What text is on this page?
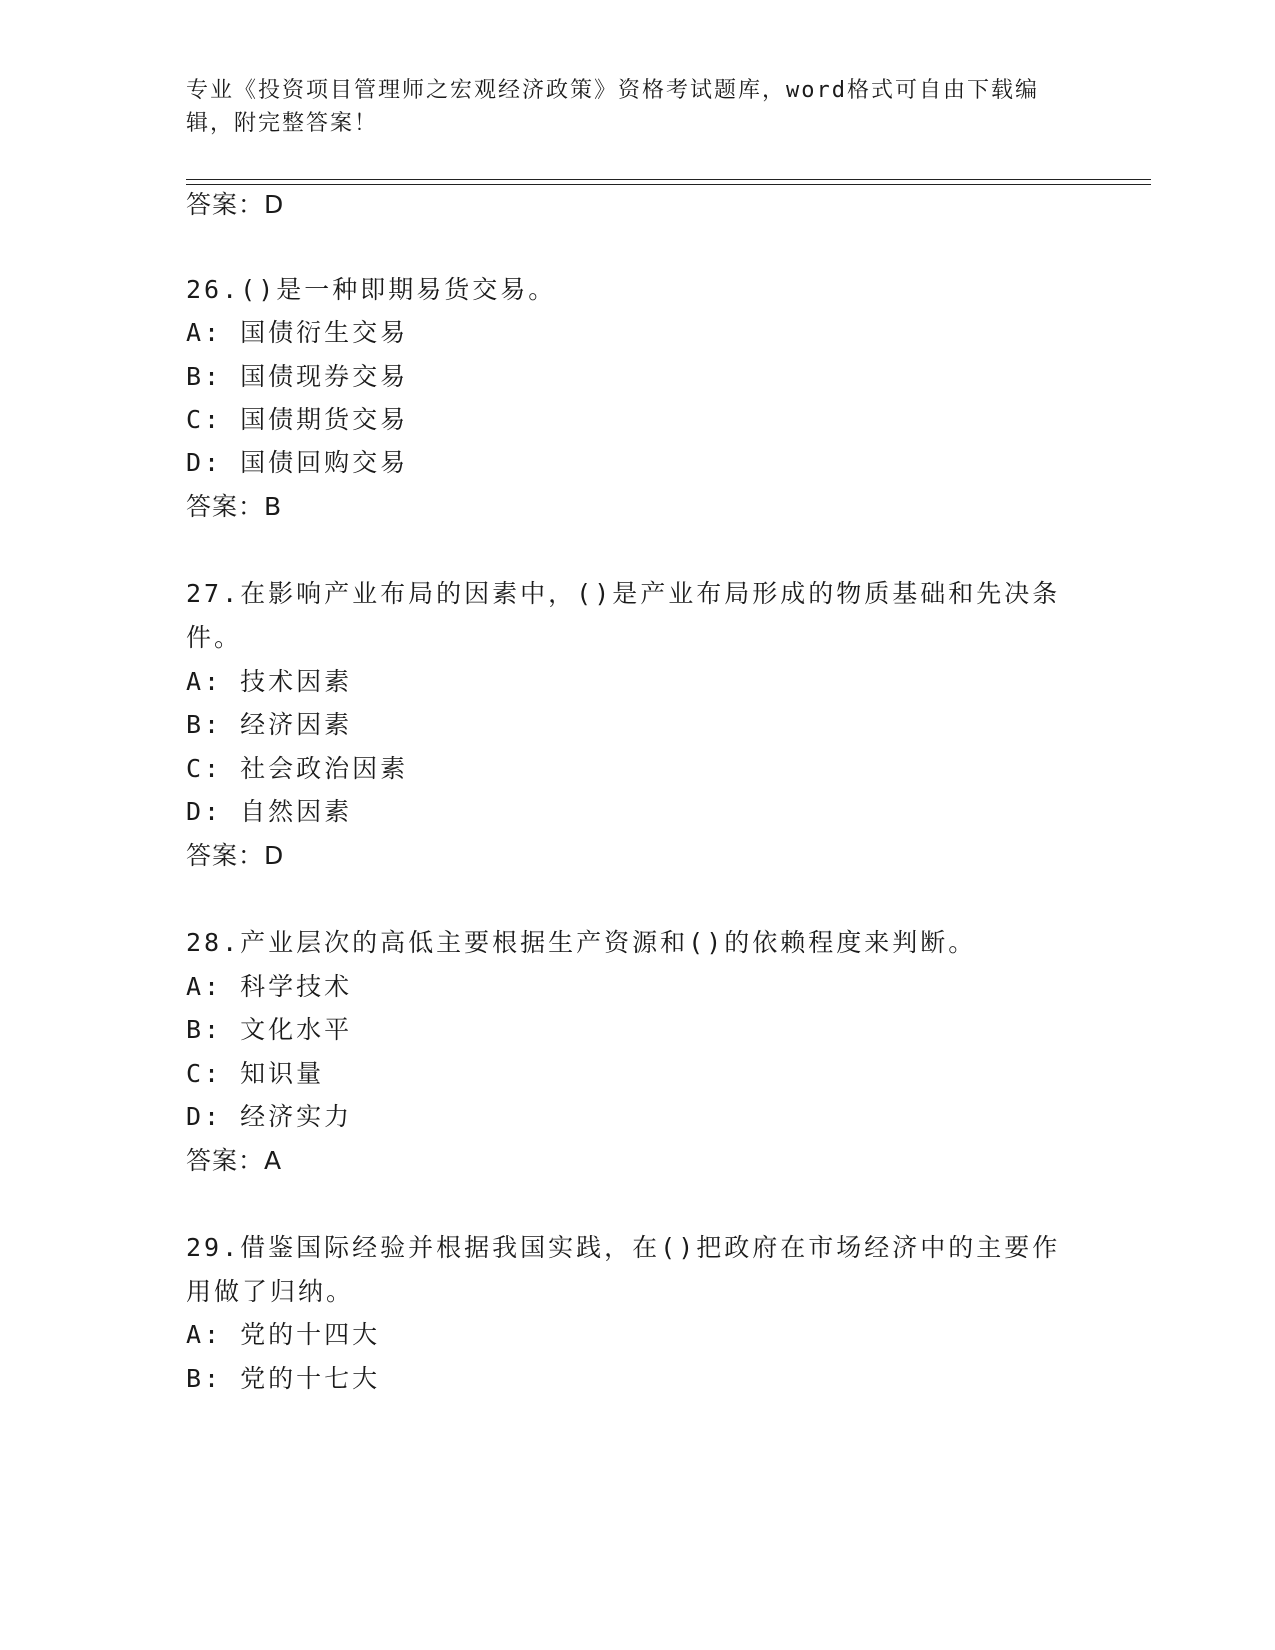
专业《投资项目管理师之宏观经济政策》资格考试题库，word格式可自由下载编辑，附完整答案！
答案：D
26.()是一种即期易货交易。
A: 国债衍生交易
B: 国债现券交易
C: 国债期货交易
D: 国债回购交易
答案：B
27.在影响产业布局的因素中，()是产业布局形成的物质基础和先决条
件。
A: 技术因素
B: 经济因素
C: 社会政治因素
D: 自然因素
答案：D
28.产业层次的高低主要根据生产资源和()的依赖程度来判断。
A: 科学技术
B: 文化水平
C: 知识量
D: 经济实力
答案：A
29.借鉴国际经验并根据我国实践，在()把政府在市场经济中的主要作
用做了归纳。
A: 党的十四大
B: 党的十七大
